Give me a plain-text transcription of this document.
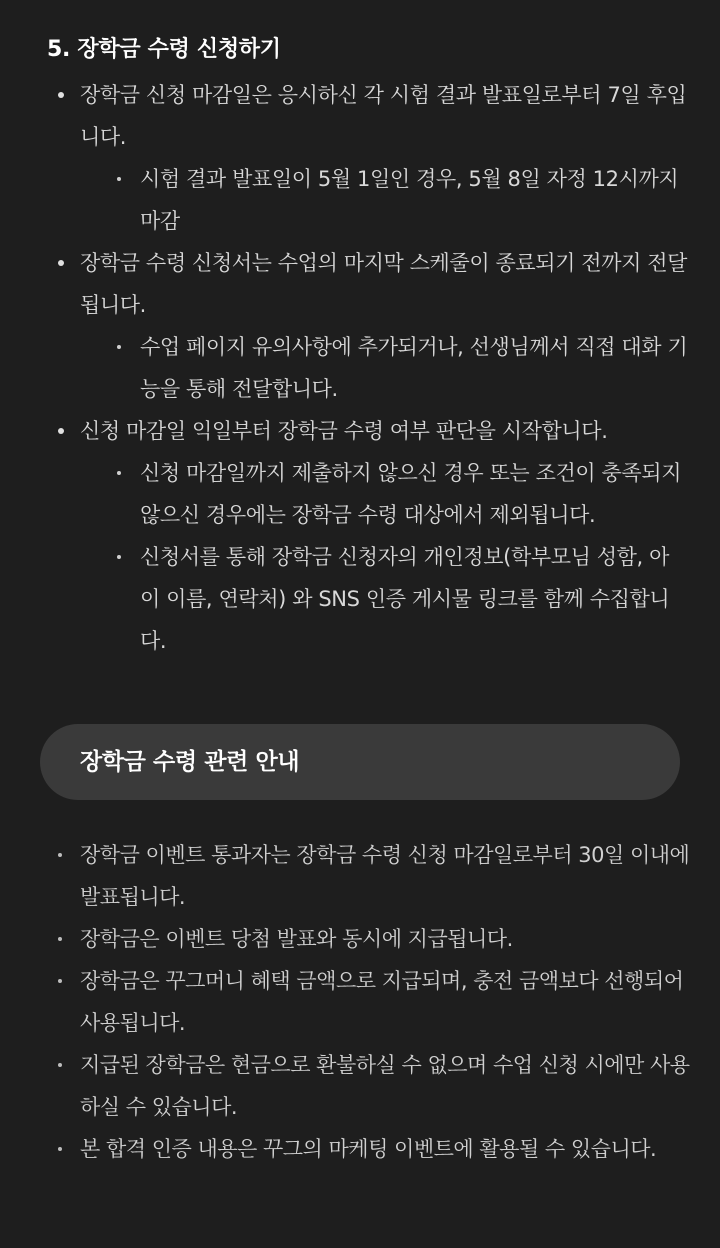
5. 장학금 수령 신청하기
장학금 신청 마감일은 응시하신 각 시험 결과 발표일로부터 7일 후입니다.
시험 결과 발표일이 5월 1일인 경우, 5월 8일 자정 12시까지 마감
장학금 수령 신청서는 수업의 마지막 스케줄이 종료되기 전까지 전달됩니다.
수업 페이지 유의사항에 추가되거나, 선생님께서 직접 대화 기능을 통해 전달합니다.
신청 마감일 익일부터 장학금 수령 여부 판단을 시작합니다.
신청 마감일까지 제출하지 않으신 경우 또는 조건이 충족되지 않으신 경우에는 장학금 수령 대상에서 제외됩니다.
신청서를 통해 장학금 신청자의 개인정보(학부모님 성함, 아이 이름, 연락처) 와 SNS 인증 게시물 링크를 함께 수집합니다.
장학금 수령 관련 안내
장학금 이벤트 통과자는 장학금 수령 신청 마감일로부터 30일 이내에 발표됩니다.
장학금은 이벤트 당첨 발표와 동시에 지급됩니다.
장학금은 꾸그머니 혜택 금액으로 지급되며, 충전 금액보다 선행되어 사용됩니다.
지급된 장학금은 현금으로 환불하실 수 없으며 수업 신청 시에만 사용하실 수 있습니다.
본 합격 인증 내용은 꾸그의 마케팅 이벤트에 활용될 수 있습니다.
